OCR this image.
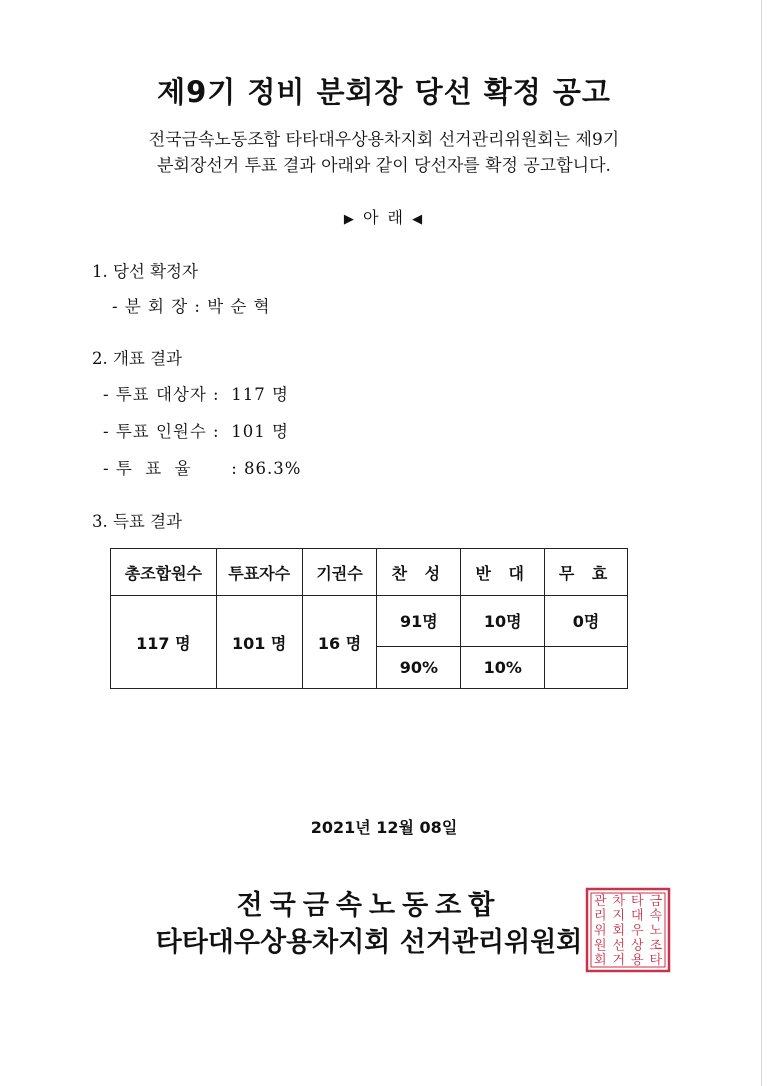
제9기 정비 분회장 당선 확정 공고
전국금속노동조합 타타대우상용차지회 선거관리위원회는 제9기
분회장선거 투표 결과 아래와 같이 당선자를 확정 공고합니다.
▶ 아 래 ◀
1. 당선 확정자
- 분 회 장 : 박 순 혁
2. 개표 결과
- 투표 대상자 : 117 명
- 투표 인원수 : 101 명
- 투  표  율 : 86.3%
3. 득표 결과
총조합원수	투표자수	기권수	찬 성	반 대	무 효
117 명	101 명	16 명	91명	10명	0명
			90%	10%	
2021년 12월 08일
전국금속노동조합
타타대우상용차지회 선거관리위원회
금
속
노
조
타
타
대
우
상
용
차
지
회
선
거
관
리
위
원
회
